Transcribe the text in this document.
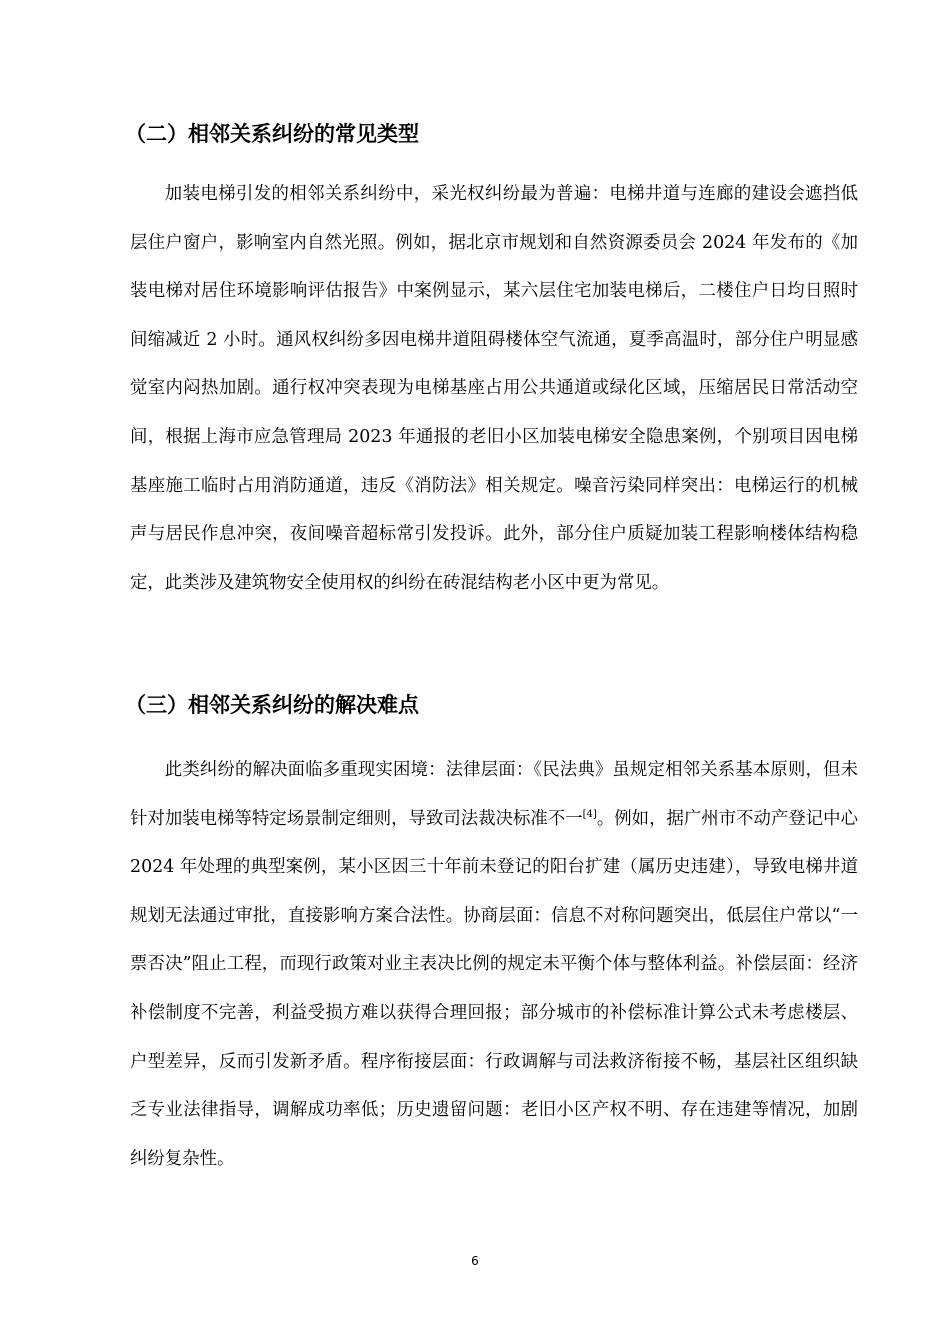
（二）相邻关系纠纷的常见类型

加装电梯引发的相邻关系纠纷中，采光权纠纷最为普遍：电梯井道与连廊的建设会遮挡低层住户窗户，影响室内自然光照。例如，据北京市规划和自然资源委员会 2024 年发布的《加装电梯对居住环境影响评估报告》中案例显示，某六层住宅加装电梯后，二楼住户日均日照时间缩减近 2 小时。通风权纠纷多因电梯井道阻碍楼体空气流通，夏季高温时，部分住户明显感觉室内闷热加剧。通行权冲突表现为电梯基座占用公共通道或绿化区域，压缩居民日常活动空间，根据上海市应急管理局 2023 年通报的老旧小区加装电梯安全隐患案例，个别项目因电梯基座施工临时占用消防通道，违反《消防法》相关规定。噪音污染同样突出：电梯运行的机械声与居民作息冲突，夜间噪音超标常引发投诉。此外，部分住户质疑加装工程影响楼体结构稳定，此类涉及建筑物安全使用权的纠纷在砖混结构老小区中更为常见。

（三）相邻关系纠纷的解决难点

此类纠纷的解决面临多重现实困境：法律层面：《民法典》虽规定相邻关系基本原则，但未针对加装电梯等特定场景制定细则，导致司法裁决标准不一[4]。例如，据广州市不动产登记中心 2024 年处理的典型案例，某小区因三十年前未登记的阳台扩建（属历史违建），导致电梯井道规划无法通过审批，直接影响方案合法性。协商层面：信息不对称问题突出，低层住户常以“一票否决”阻止工程，而现行政策对业主表决比例的规定未平衡个体与整体利益。补偿层面：经济补偿制度不完善，利益受损方难以获得合理回报；部分城市的补偿标准计算公式未考虑楼层、户型差异，反而引发新矛盾。程序衔接层面：行政调解与司法救济衔接不畅，基层社区组织缺乏专业法律指导，调解成功率低；历史遗留问题：老旧小区产权不明、存在违建等情况，加剧纠纷复杂性。

6
